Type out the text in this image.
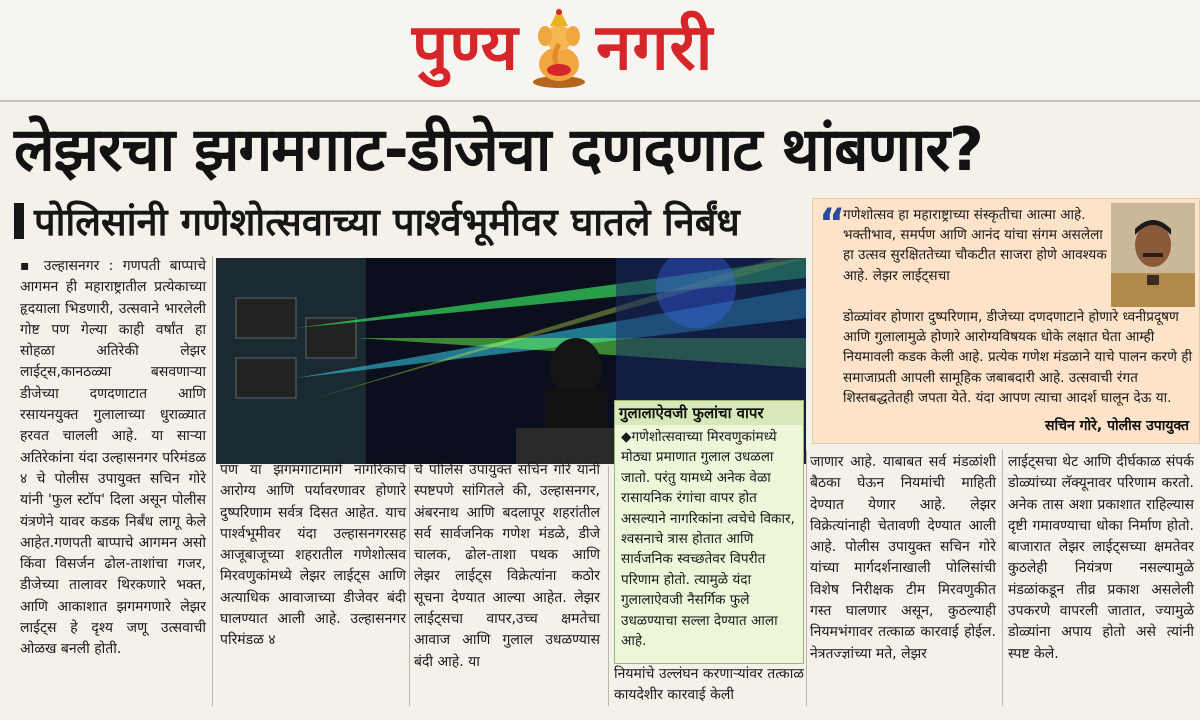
पुण्य नगरी
लेझरचा झगमगाट-डीजेचा दणदणाट थांबणार?
पोलिसांनी गणेशोत्सवाच्या पार्श्वभूमीवर घातले निर्बंध “
गणेशोत्सव हा महाराष्ट्राच्या संस्कृतीचा आत्मा आहे. भक्तीभाव, समर्पण आणि आनंद यांचा संगम असलेला हा उत्सव सुरक्षिततेच्या चौकटीत साजरा होणे आवश्यक आहे. लेझर लाईट्सचा
डोळ्यांवर होणारा दुष्परिणाम, डीजेच्या दणदणाटाने होणारे ध्वनीप्रदूषण आणि गुलालामुळे होणारे आरोग्यविषयक धोके लक्षात घेता आम्ही नियमावली कडक केली आहे. प्रत्येक गणेश मंडळाने याचे पालन करणे ही समाजाप्रती आपली सामूहिक जबाबदारी आहे. उत्सवाची रंगत शिस्तबद्धतेतही जपता येते. यंदा आपण त्याचा आदर्श घालून देऊ या.
सचिन गोरे, पोलीस उपायुक्त
▪ उल्हासनगर : गणपती बाप्पाचे आगमन ही महाराष्ट्रातील प्रत्येकाच्या हृदयाला भिडणारी, उत्सवाने भारलेली गोष्ट पण गेल्या काही वर्षांत हा सोहळा अतिरेकी लेझर लाईट्स,कानठळ्या बसवणाऱ्या डीजेच्या दणदणाटात आणि रसायनयुक्त गुलालाच्या धुराळ्यात हरवत चालली आहे. या साऱ्या अतिरेकांना यंदा उल्हासनगर परिमंडळ ४ चे पोलीस उपायुक्त सचिन गोरे यांनी 'फुल स्टॉप' दिला असून पोलीस यंत्रणेने यावर कडक निर्बंध लागू केले आहेत.गणपती बाप्पाचे आगमन असो किंवा विसर्जन ढोल-ताशांचा गजर, डीजेच्या तालावर थिरकणारे भक्त, आणि आकाशात झगमगणारे लेझर लाईट्स हे दृश्य जणू उत्सवाची ओळख बनली होती.
पण या झगमगाटामागे नागरिकांचे आरोग्य आणि पर्यावरणावर होणारे दुष्परिणाम सर्वत्र दिसत आहेत. याच पार्श्वभूमीवर यंदा उल्हासनगरसह आजूबाजूच्या शहरातील गणेशोत्सव मिरवणुकांमध्ये लेझर लाईट्स आणि अत्याधिक आवाजाच्या डीजेवर बंदी घालण्यात आली आहे. उल्हासनगर परिमंडळ ४
चे पोलिस उपायुक्त सचिन गोरे यांनी स्पष्टपणे सांगितले की, उल्हासनगर, अंबरनाथ आणि बदलापूर शहरांतील सर्व सार्वजनिक गणेश मंडळे, डीजे चालक, ढोल-ताशा पथक आणि लेझर लाईट्स विक्रेत्यांना कठोर सूचना देण्यात आल्या आहेत. लेझर लाईट्सचा वापर,उच्च क्षमतेचा आवाज आणि गुलाल उधळण्यास बंदी आहे. या
गुलालाऐवजी फुलांचा वापर
◆गणेशोत्सवाच्या मिरवणुकांमध्ये मोठ्या प्रमाणात गुलाल उधळला जातो. परंतु यामध्ये अनेक वेळा रासायनिक रंगांचा वापर होत असल्याने नागरिकांना त्वचेचे विकार, श्वसनाचे त्रास होतात आणि सार्वजनिक स्वच्छतेवर विपरीत परिणाम होतो. त्यामुळे यंदा गुलालाऐवजी नैसर्गिक फुले उधळण्याचा सल्ला देण्यात आला आहे.
नियमांचे उल्लंघन करणाऱ्यांवर तत्काळ कायदेशीर कारवाई केली
जाणार आहे. याबाबत सर्व मंडळांशी बैठका घेऊन नियमांची माहिती देण्यात येणार आहे. लेझर विक्रेत्यांनाही चेतावणी देण्यात आली आहे. पोलीस उपायुक्त सचिन गोरे यांच्या मार्गदर्शनाखाली पोलिसांची विशेष निरीक्षक टीम मिरवणुकीत गस्त घालणार असून, कुठल्याही नियमभंगावर तत्काळ कारवाई होईल. नेत्रतज्ज्ञांच्या मते, लेझर
लाईट्सचा थेट आणि दीर्घकाळ संपर्क डोळ्यांच्या लॅक्यूनावर परिणाम करतो. अनेक तास अशा प्रकाशात राहिल्यास दृष्टी गमावण्याचा धोका निर्माण होतो. बाजारात लेझर लाईट्सच्या क्षमतेवर कुठलेही नियंत्रण नसल्यामुळे मंडळांकडून तीव्र प्रकाश असलेली उपकरणे वापरली जातात, ज्यामुळे डोळ्यांना अपाय होतो असे त्यांनी स्पष्ट केले.
